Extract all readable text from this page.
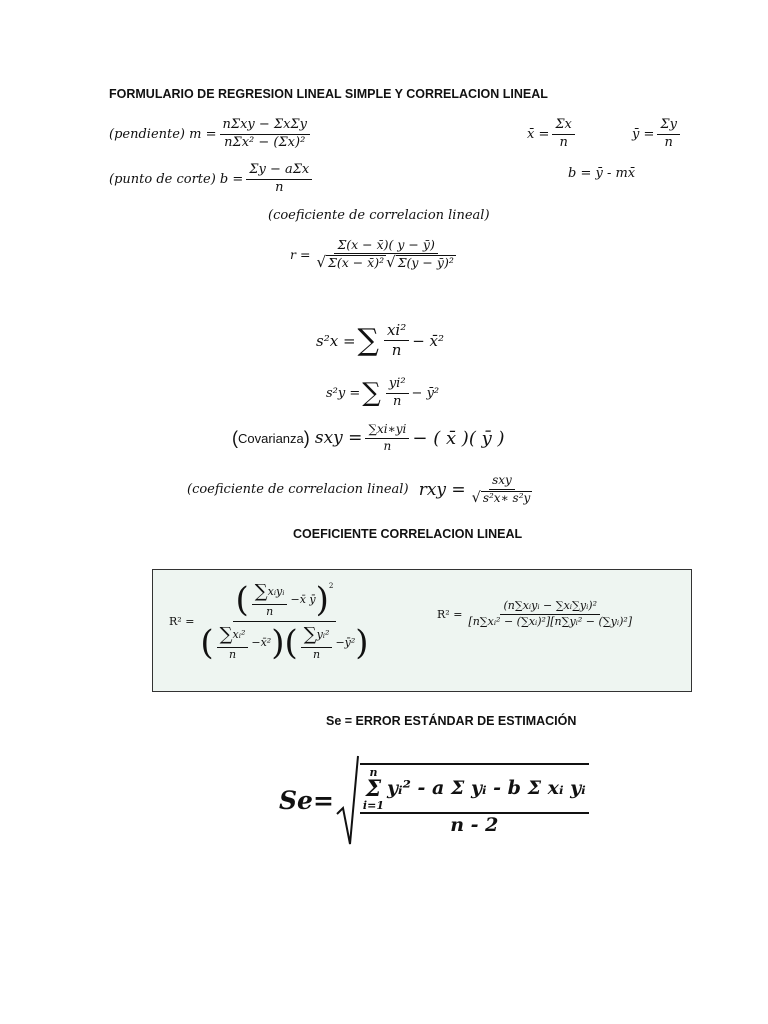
FORMULARIO DE REGRESION LINEAL SIMPLE Y CORRELACION LINEAL
(pendiente)
$m = \frac{\text{nΣxy − ΣxΣy}}{\text{nΣx² − (Σx)²}}$	x̄ = $\frac{\Sigma x}{n}$	ȳ = $\frac{\Sigma y}{n}$
(punto de corte)
$b = \frac{\text{Σy − aΣx}}{n}$	b = ȳ - mx̄
(coeficiente de correlacion lineal)
$r = \frac{\Sigma(x - x̄)( y - ȳ)}{\text{√ Σ(x − x̄)² √ Σ(y − ȳ)²}}$
s²x = ∑ $\frac{\text{xi²}}{n}$ − x̄²
s²y = ∑ $\frac{\text{yi²}}{n}$ − ȳ²
( Covarianza )
sxy = $\frac{\sum xi∗yi}{n}$ − ( x̄ )( ȳ )
(coeficiente de correlacion lineal)
rxy = $\frac{\text{sxy}}{\text{√ s²x∗ s²y}}$
COEFICIENTE CORRELACION LINEAL
R² =
( $\frac{\text{∑ xᵢyᵢ}}{n}$ −x̄ ȳ )$^2$
( $\frac{\text{∑ xᵢ²}}{n}$ −x̄² )( $\frac{\text{∑ yᵢ²}}{n}$ −ȳ² )
$R^2 = \frac{\text{(n∑xᵢyᵢ − ∑xᵢ∑yᵢ)²}}{\text{[n∑xᵢ² − (∑xᵢ)²][n∑yᵢ² − (∑yᵢ)²]}}$
Se = ERROR ESTÁNDAR DE ESTIMACIÓN
Se=
n
Σ
i=1
yᵢ² - a Σ yᵢ - b Σ xᵢ yᵢ
n - 2
